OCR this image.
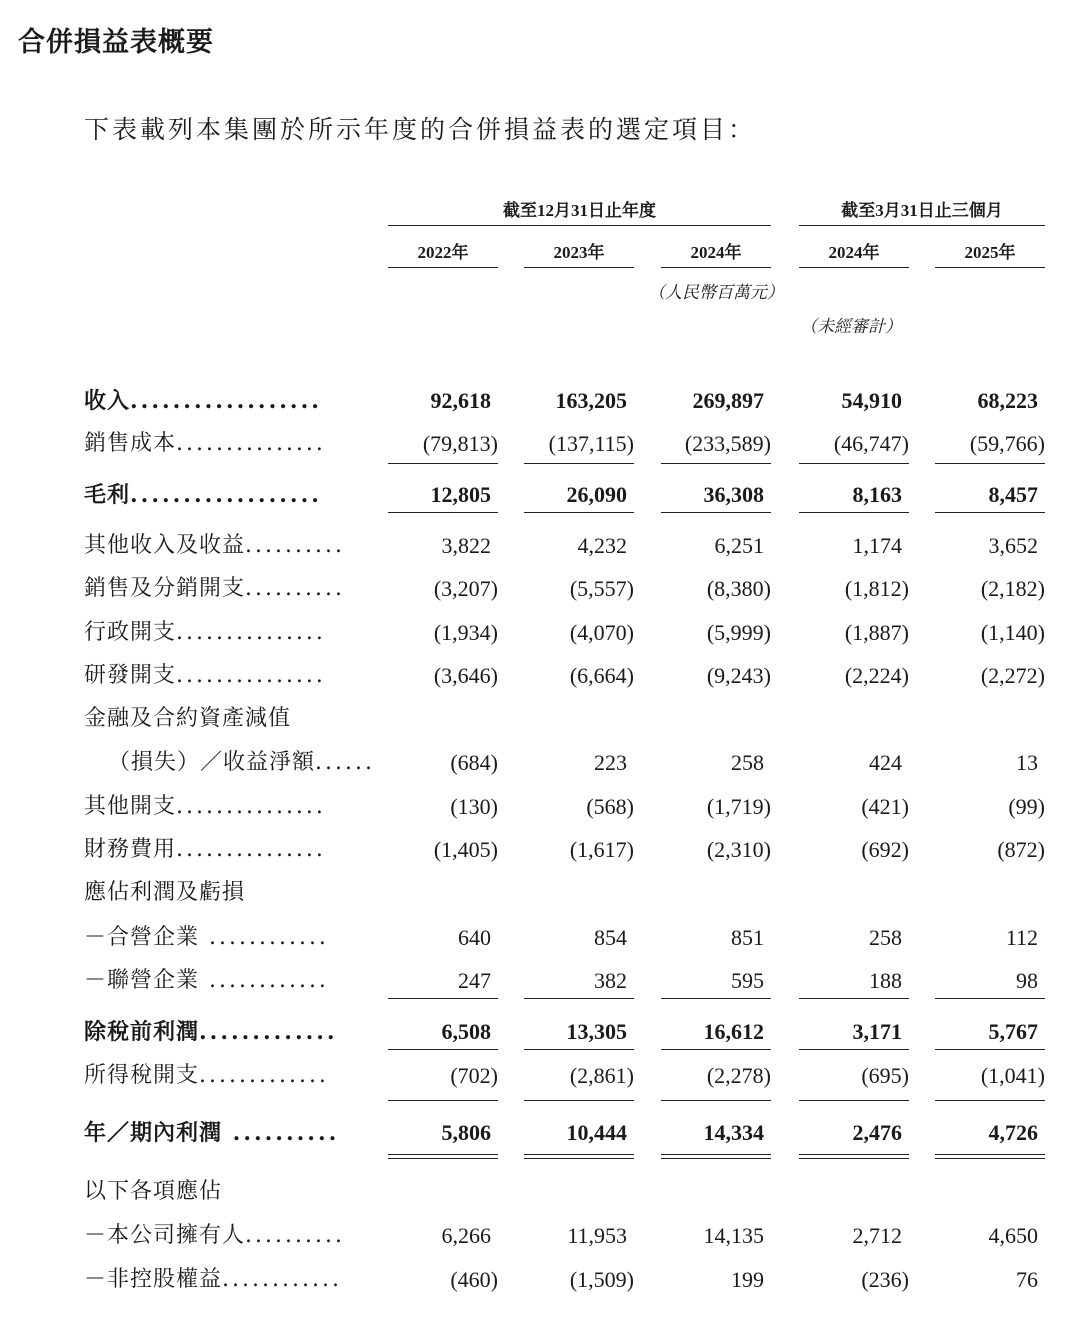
合併損益表概要
下表載列本集團於所示年度的合併損益表的選定項目：
截至12月31日止年度	截至3月31日止三個月
2022年	2023年	2024年	2024年	2025年
（人民幣百萬元）
（未經審計）
收入..................	92,618	163,205	269,897	54,910	68,223
銷售成本...............	(79,813)	(137,115)	(233,589)	(46,747)	(59,766)
毛利..................	12,805	26,090	36,308	8,163	8,457
其他收入及收益..........	3,822	4,232	6,251	1,174	3,652
銷售及分銷開支..........	(3,207)	(5,557)	(8,380)	(1,812)	(2,182)
行政開支...............	(1,934)	(4,070)	(5,999)	(1,887)	(1,140)
研發開支...............	(3,646)	(6,664)	(9,243)	(2,224)	(2,272)
金融及合約資產減值
（損失）／收益淨額......	(684)	223	258	424	13
其他開支...............	(130)	(568)	(1,719)	(421)	(99)
財務費用...............	(1,405)	(1,617)	(2,310)	(692)	(872)
應佔利潤及虧損
－合營企業 ............	640	854	851	258	112
－聯營企業 ............	247	382	595	188	98
除稅前利潤.............	6,508	13,305	16,612	3,171	5,767
所得稅開支.............	(702)	(2,861)	(2,278)	(695)	(1,041)
年／期內利潤 ..........	5,806	10,444	14,334	2,476	4,726
以下各項應佔
－本公司擁有人..........	6,266	11,953	14,135	2,712	4,650
－非控股權益............	(460)	(1,509)	199	(236)	76
